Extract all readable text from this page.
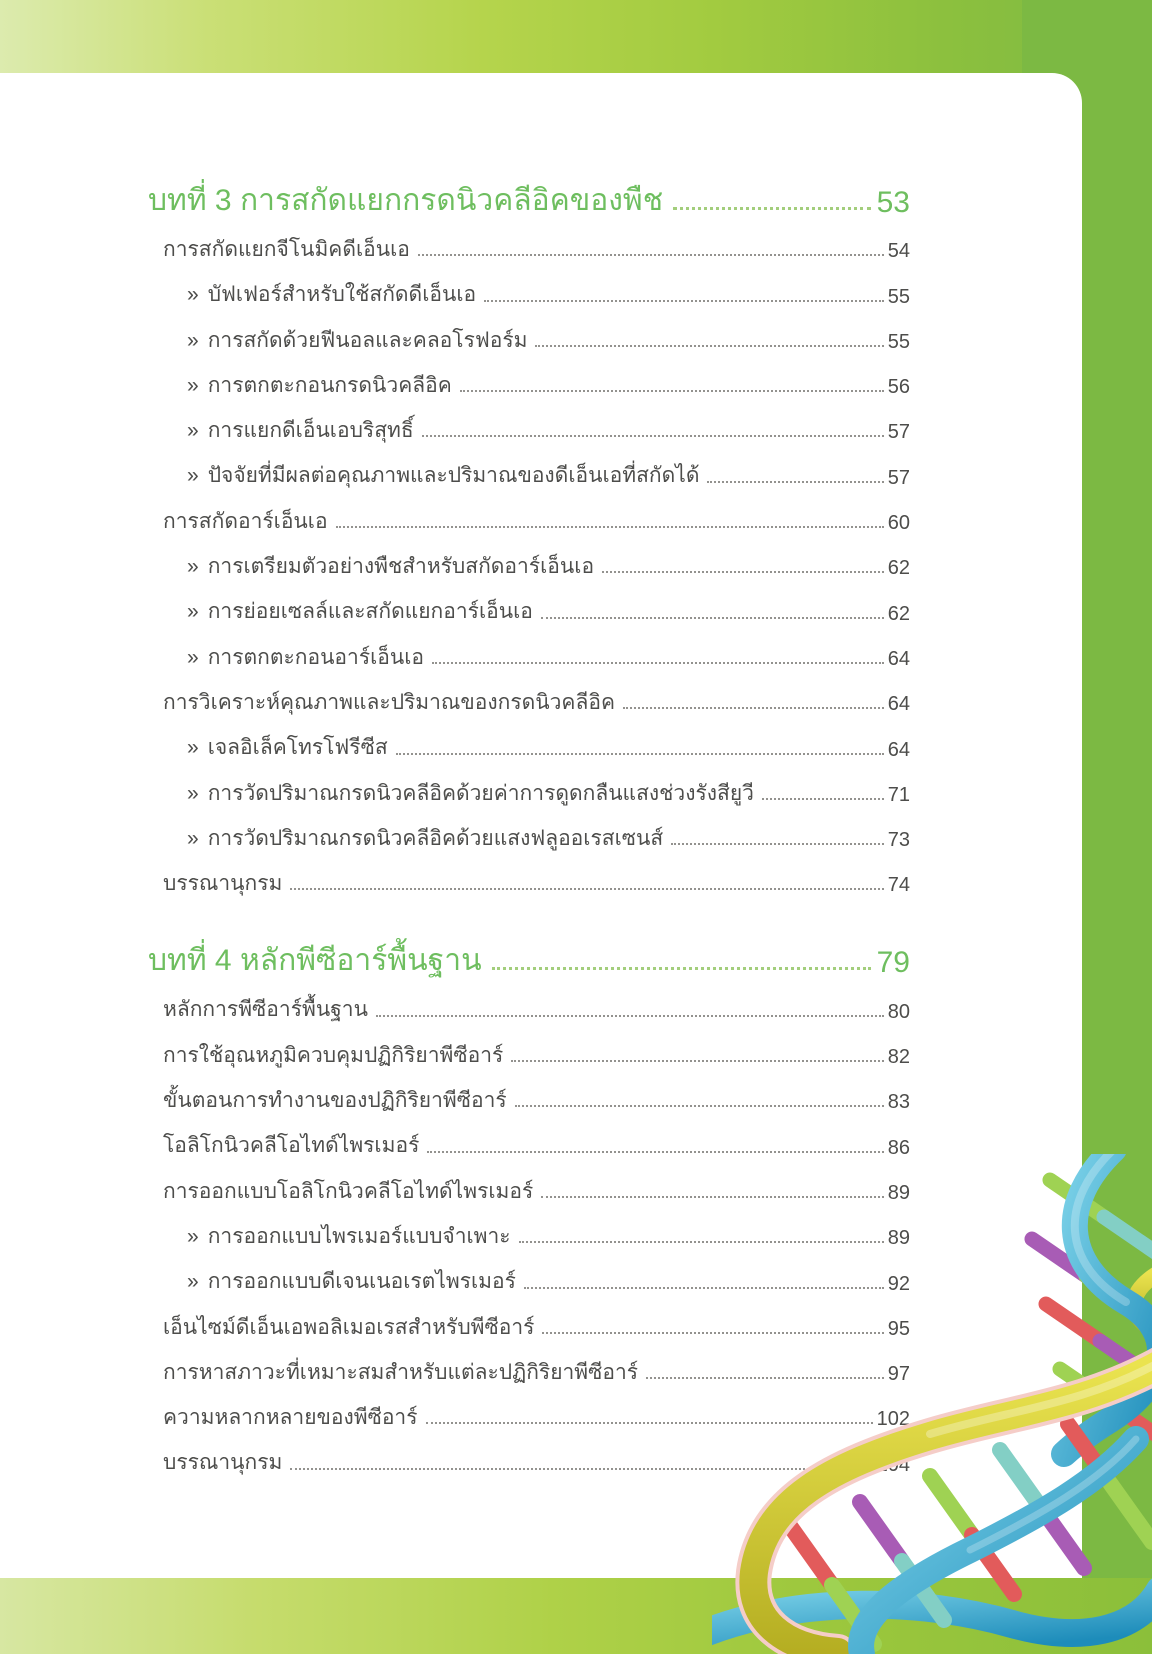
บทที่ 3 การสกัดแยกกรดนิวคลีอิคของพืช	53
การสกัดแยกจีโนมิคดีเอ็นเอ	54
» บัฟเฟอร์สำหรับใช้สกัดดีเอ็นเอ	55
» การสกัดด้วยฟีนอลและคลอโรฟอร์ม	55
» การตกตะกอนกรดนิวคลีอิค	56
» การแยกดีเอ็นเอบริสุทธิ์	57
» ปัจจัยที่มีผลต่อคุณภาพและปริมาณของดีเอ็นเอที่สกัดได้	57
การสกัดอาร์เอ็นเอ	60
» การเตรียมตัวอย่างพืชสำหรับสกัดอาร์เอ็นเอ	62
» การย่อยเซลล์และสกัดแยกอาร์เอ็นเอ	62
» การตกตะกอนอาร์เอ็นเอ	64
การวิเคราะห์คุณภาพและปริมาณของกรดนิวคลีอิค	64
» เจลอิเล็คโทรโฟรีซีส	64
» การวัดปริมาณกรดนิวคลีอิคด้วยค่าการดูดกลืนแสงช่วงรังสียูวี	71
» การวัดปริมาณกรดนิวคลีอิคด้วยแสงฟลูออเรสเซนส์	73
บรรณานุกรม	74
บทที่ 4 หลักพีซีอาร์พื้นฐาน	79
หลักการพีซีอาร์พื้นฐาน	80
การใช้อุณหภูมิควบคุมปฏิกิริยาพีซีอาร์	82
ขั้นตอนการทำงานของปฏิกิริยาพีซีอาร์	83
โอลิโกนิวคลีโอไทด์ไพรเมอร์	86
การออกแบบโอลิโกนิวคลีโอไทด์ไพรเมอร์	89
» การออกแบบไพรเมอร์แบบจำเพาะ	89
» การออกแบบดีเจนเนอเรตไพรเมอร์	92
เอ็นไซม์ดีเอ็นเอพอลิเมอเรสสำหรับพีซีอาร์	95
การหาสภาวะที่เหมาะสมสำหรับแต่ละปฏิกิริยาพีซีอาร์	97
ความหลากหลายของพีซีอาร์	102
บรรณานุกรม	104
